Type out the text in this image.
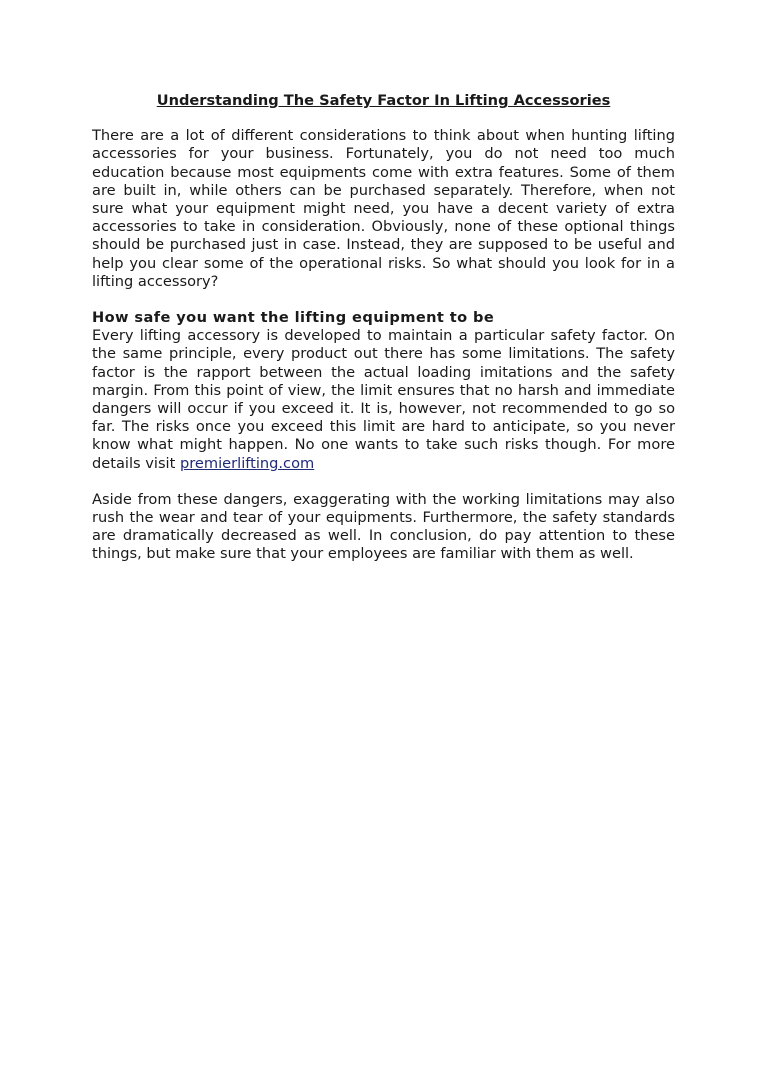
Understanding The Safety Factor In Lifting Accessories

There are a lot of different considerations to think about when hunting lifting accessories for your business. Fortunately, you do not need too much education because most equipments come with extra features. Some of them are built in, while others can be purchased separately. Therefore, when not sure what your equipment might need, you have a decent variety of extra accessories to take in consideration. Obviously, none of these optional things should be purchased just in case. Instead, they are supposed to be useful and help you clear some of the operational risks. So what should you look for in a lifting accessory?

How safe you want the lifting equipment to be

Every lifting accessory is developed to maintain a particular safety factor. On the same principle, every product out there has some limitations. The safety factor is the rapport between the actual loading imitations and the safety margin. From this point of view, the limit ensures that no harsh and immediate dangers will occur if you exceed it. It is, however, not recommended to go so far. The risks once you exceed this limit are hard to anticipate, so you never know what might happen. No one wants to take such risks though. For more details visit premierlifting.com

Aside from these dangers, exaggerating with the working limitations may also rush the wear and tear of your equipments. Furthermore, the safety standards are dramatically decreased as well. In conclusion, do pay attention to these things, but make sure that your employees are familiar with them as well.
